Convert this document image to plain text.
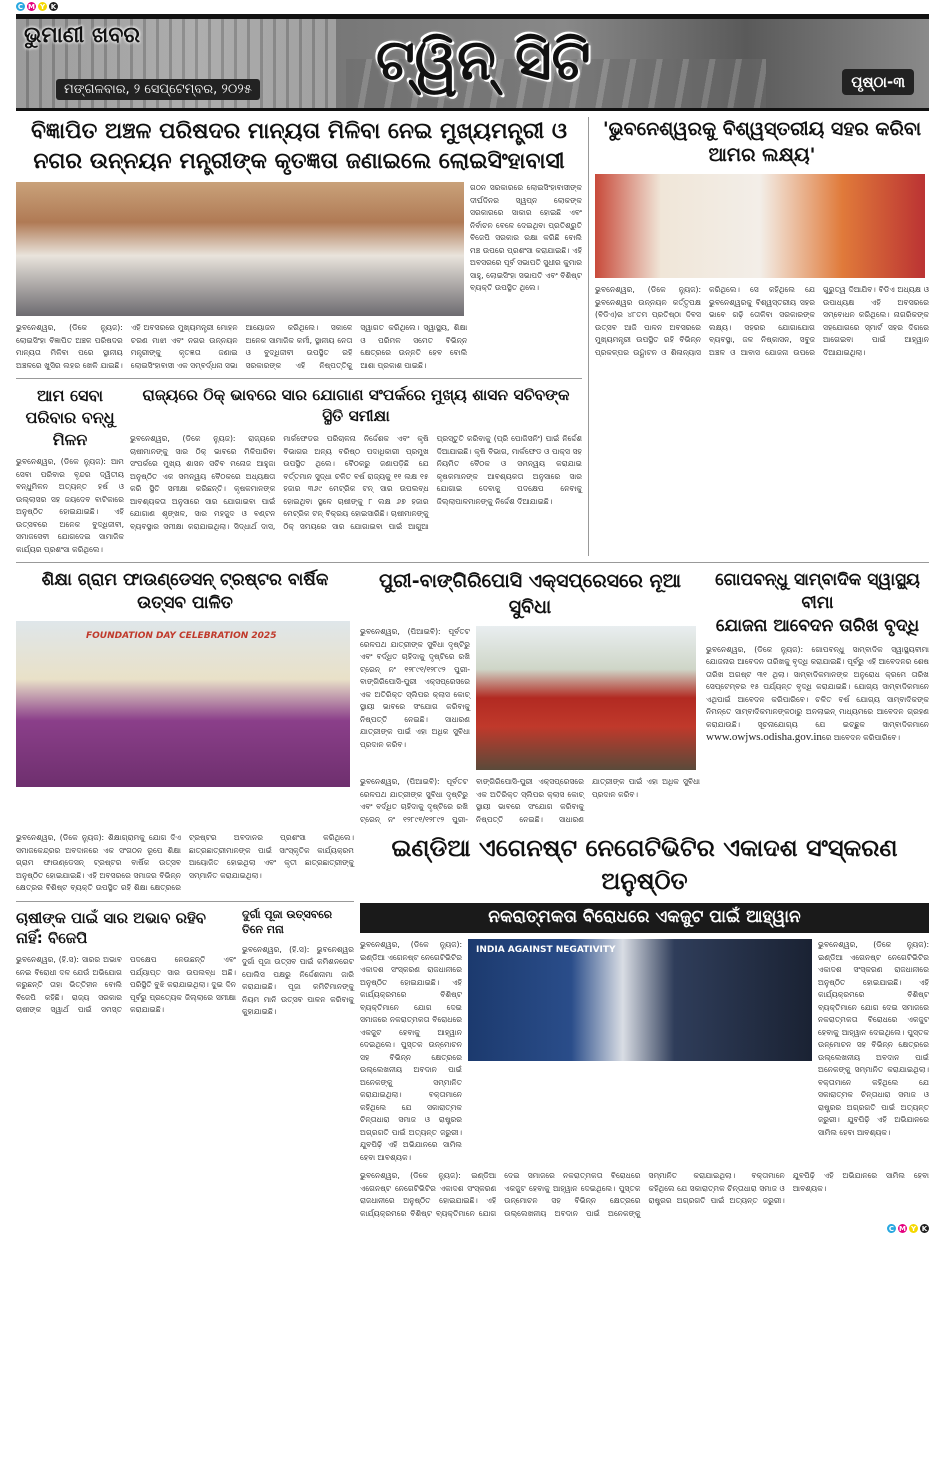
C M Y K
ଭୁମାଣୀ ଖବର
ମଙ୍ଗଳବାର, ୨ ସେପ୍ଟେମ୍ବର, ୨୦୨୫ ଟ୍ୱିନ୍ ସିଟି	ପୃଷ୍ଠା-୩
ବିଜ୍ଞାପିତ ଅଞ୍ଚଳ ପରିଷଦର ମାନ୍ୟତା ମିଳିବା ନେଇ ମୁଖ୍ୟମନ୍ତ୍ରୀ ଓ
ନଗର ଉନ୍ନୟନ ମନ୍ତ୍ରୀଙ୍କ କୃତଜ୍ଞତା ଜଣାଇଲେ ଲୋଇସିଂହାବାସୀ
ଗଠନ ସରକାରରେ ଲୋଇସିଂହାବାସୀଙ୍କ ଦୀର୍ଘଦିନର ସ୍ୱପ୍ନ ଲୋକଙ୍କ ସରକାରରେ ସାକାର ହୋଇଛି ଏବଂ ନିର୍ବାଚନ ବେଳେ ଦେଇଥିବା ପ୍ରତିଶ୍ରୁତି ବିଜେପି ସରକାର ରକ୍ଷା କରିଛି ବୋଲି ମଞ୍ଚ ଉପରେ ପ୍ରଶଂସା କରାଯାଇଛି। ଏହି ଅବସରରେ ପୂର୍ବ ସଭାପତି ସୁଧୀର କୁମାର ସାହୁ, ଲୋଇସିଂହା ସଭାପତି ଏବଂ ବିଶିଷ୍ଟ ବ୍ୟକ୍ତି ଉପସ୍ଥିତ ଥିଲେ।
ଭୁବନେଶ୍ୱର, (ଡିକେ ନ୍ୟୁଜ): ଲୋଇସିଂହା ବିଜ୍ଞାପିତ ଅଞ୍ଚଳ ପରିଷଦର ମାନ୍ୟତା ମିଳିବା ପରେ ସ୍ଥାନୀୟ ଅଞ୍ଚଳରେ ଖୁସିର ଲହର ଖେଳି ଯାଇଛି। ଏହି ଅବସରରେ ମୁଖ୍ୟମନ୍ତ୍ରୀ ମୋହନ ଚରଣ ମାଝୀ ଏବଂ ନଗର ଉନ୍ନୟନ ମନ୍ତ୍ରୀଙ୍କୁ କୃତଜ୍ଞତା ଜଣାଇ ଲୋଇସିଂହାବାସୀ ଏକ ସମ୍ବର୍ଦ୍ଧନା ସଭା ଆୟୋଜନ କରିଥିଲେ। ସକାଳେ ଅନେକ ସାମାଜିକ କର୍ମୀ, ସ୍ଥାନୀୟ ନେତା ଓ ବୁଦ୍ଧିଜୀବୀ ଉପସ୍ଥିତ ରହି ସରକାରଙ୍କ ଏହି ନିଷ୍ପତ୍ତିକୁ ସ୍ୱାଗତ କରିଥିଲେ। ସ୍ୱାସ୍ଥ୍ୟ, ଶିକ୍ଷା ଓ ପରିମଳ ସମେତ ବିଭିନ୍ନ କ୍ଷେତ୍ରରେ ଉନ୍ନତି ହେବ ବୋଲି ଆଶା ପ୍ରକାଶ ପାଇଛି।
ଆମ ସେବା
ପରିବାର ବନ୍ଧୁ ମିଳନ
ଭୁବନେଶ୍ୱର, (ଡିକେ ନ୍ୟୁଜ): ଆମ ସେବା ପରିବାର ବୃନ୍ଦର ଦ୍ୱିତୀୟ ବନ୍ଧୁମିଳନ ଅତ୍ୟନ୍ତ ହର୍ଷ ଓ ଉଲ୍ଲାସର ସହ ଜୟଦେବ ବାଟିକାରେ ଅନୁଷ୍ଠିତ ହୋଇଯାଇଛି। ଏହି ଉତ୍ସବରେ ଅନେକ ବୁଦ୍ଧିଜୀବୀ, ସମାଜସେବୀ ଯୋଗଦେଇ ସାମାଜିକ କାର୍ଯ୍ୟର ପ୍ରଶଂସା କରିଥିଲେ।
ରାଜ୍ୟରେ ଠିକ୍ ଭାବରେ ସାର ଯୋଗାଣ ସଂପର୍କରେ ମୁଖ୍ୟ ଶାସନ ସଚିବଙ୍କ ସ୍ଥିତି ସମୀକ୍ଷା
ଭୁବନେଶ୍ୱର, (ଡିକେ ନ୍ୟୁଜ): ରାଜ୍ୟରେ ଚାଷୀମାନଙ୍କୁ ସାର ଠିକ୍ ଭାବରେ ମିଳିପାରିବା ସଂପର୍କରେ ମୁଖ୍ୟ ଶାସନ ସଚିବ ମନୋଜ ଆହୁଜା ଅନୁଷ୍ଠିତ ଏକ ସମନ୍ୱୟ ବୈଠକରେ ଅଧ୍ୟକ୍ଷତା କରି ସ୍ଥିତି ସମୀକ୍ଷା କରିଛନ୍ତି। କୃଷକମାନଙ୍କ ଆବଶ୍ୟକତା ଅନୁସାରେ ସାର ଯୋଗାଇବା ପାଇଁ ଯୋଗାଣ ଶୃଙ୍ଖଳ, ସାର ମହଜୁଦ ଓ ବଣ୍ଟନ ବ୍ୟବସ୍ଥାର ସମୀକ୍ଷା କରାଯାଇଥିଲା। ସିଦ୍ଧାର୍ଥ ଦାସ, ମାର୍କଫେଡର ପରିଚାଳନା ନିର୍ଦ୍ଦେଶକ ଏବଂ କୃଷି ବିଭାଗର ଅନ୍ୟ ବରିଷ୍ଠ ପଦାଧିକାରୀ ପ୍ରମୁଖ ଉପସ୍ଥିତ ଥିଲେ। ବୈଠକରୁ ଜଣାପଡ଼ିଛି ଯେ ବର୍ତ୍ତମାନ ସୁଦ୍ଧା ଚଳିତ ବର୍ଷ ରାଜ୍ୟକୁ ୧୧ ଲକ୍ଷ ୧୫ ହଜାର ୩୬୯ ମେଟ୍ରିକ ଟନ୍ ସାର ଉପଲବ୍ଧ ହୋଇଥିବା ସ୍ଥଳେ ଚାଷୀଙ୍କୁ ୮ ଲକ୍ଷ ୬୭ ହଜାର ମେଟ୍ରିକ ଟନ୍ ବିକ୍ରୟ ହୋଇସାରିଛି। ଚାଷୀମାନଙ୍କୁ ଠିକ୍ ସମୟରେ ସାର ଯୋଗାଇବା ପାଇଁ ଆଗୁଆ ପ୍ରସ୍ତୁତି କରିବାକୁ (ପ୍ରି ପୋଜିସନିଂ) ପାଇଁ ନିର୍ଦ୍ଦେଶ ଦିଆଯାଇଛି। କୃଷି ବିଭାଗ, ମାର୍କଫେଡ ଓ ପାକ୍ସ ସହ ନିୟମିତ ବୈଠକ ଓ ସମନ୍ୱୟ କରାଯାଇ କୃଷକମାନଙ୍କ ଆବଶ୍ୟକତା ଅନୁସାରେ ସାର ଯୋଗାଇ ଦେବାକୁ ପଦକ୍ଷେପ ନେବାକୁ ଜିଲ୍ଲାପାଳମାନଙ୍କୁ ନିର୍ଦ୍ଦେଶ ଦିଆଯାଇଛି।
'ଭୁବନେଶ୍ୱରକୁ ବିଶ୍ୱସ୍ତରୀୟ ସହର କରିବା ଆମର ଲକ୍ଷ୍ୟ'
ଭୁବନେଶ୍ୱର, (ଡିକେ ନ୍ୟୁଜ): ଭୁବନେଶ୍ୱର ଉନ୍ନୟନ କର୍ତ୍ତୃପକ୍ଷ (ବିଡିଏ)ର ୪୮ତମ ପ୍ରତିଷ୍ଠା ଦିବସ ଉତ୍ସବ ଆଜି ପାଳନ ଅବସରରେ ମୁଖ୍ୟମନ୍ତ୍ରୀ ଉପସ୍ଥିତ ରହି ବିଭିନ୍ନ ପ୍ରକଳ୍ପର ଉଦ୍ଘାଟନ ଓ ଶିଳାନ୍ୟାସ କରିଥିଲେ। ସେ କହିଥିଲେ ଯେ ଭୁବନେଶ୍ୱରକୁ ବିଶ୍ୱସ୍ତରୀୟ ସହର ଭାବେ ଗଢ଼ି ତୋଳିବା ସରକାରଙ୍କ ଲକ୍ଷ୍ୟ। ସହରର ଯୋଗାଯୋଗ ବ୍ୟବସ୍ଥା, ଜଳ ନିଷ୍କାସନ, ସବୁଜ ଅଞ୍ଚଳ ଓ ଆବାସ ଯୋଜନା ଉପରେ ଗୁରୁତ୍ୱ ଦିଆଯିବ। ବିଡିଏ ଅଧ୍ୟକ୍ଷ ଓ ଉପାଧ୍ୟକ୍ଷ ଏହି ଅବସରରେ ସମ୍ବୋଧନ କରିଥିଲେ। ନାଗରିକଙ୍କ ସହଯୋଗରେ ସ୍ମାର୍ଟ ସହର ଦିଗରେ ଆଗେଇବା ପାଇଁ ଆହ୍ୱାନ ଦିଆଯାଇଥିଲା।
ଶିକ୍ଷା ଗ୍ରାମ ଫାଉଣ୍ଡେସନ୍ ଟ୍ରଷ୍ଟର ବାର୍ଷିକ ଉତ୍ସବ ପାଳିତ
FOUNDATION DAY CELEBRATION 2025
ପୁରୀ-ବାଙ୍ଗିରିପୋସି ଏକ୍ସପ୍ରେସରେ ନୂଆ ସୁବିଧା
ଭୁବନେଶ୍ୱର, (ପିଆଇବି): ପୂର୍ବତଟ ରେଳପଥ ଯାତ୍ରୀଙ୍କ ସୁବିଧା ଦୃଷ୍ଟିରୁ ଏବଂ ବର୍ଦ୍ଧିତ ଚାହିଦାକୁ ଦୃଷ୍ଟିରେ ରଖି ଟ୍ରେନ୍ ନଂ ୧୨୮୯୧/୧୨୮୯୨ ପୁରୀ-ବାଙ୍ଗିରିପୋସି-ପୁରୀ ଏକ୍ସପ୍ରେସରେ ଏକ ଅତିରିକ୍ତ ସ୍ଲିପର କ୍ଲାସ କୋଚ୍ ସ୍ଥାୟୀ ଭାବରେ ସଂଯୋଗ କରିବାକୁ ନିଷ୍ପତ୍ତି ନେଇଛି। ସାଧାରଣ ଯାତ୍ରୀଙ୍କ ପାଇଁ ଏହା ଅଧିକ ସୁବିଧା ପ୍ରଦାନ କରିବ।
ଭୁବନେଶ୍ୱର, (ପିଆଇବି): ପୂର୍ବତଟ ରେଳପଥ ଯାତ୍ରୀଙ୍କ ସୁବିଧା ଦୃଷ୍ଟିରୁ ଏବଂ ବର୍ଦ୍ଧିତ ଚାହିଦାକୁ ଦୃଷ୍ଟିରେ ରଖି ଟ୍ରେନ୍ ନଂ ୧୨୮୯୧/୧୨୮୯୨ ପୁରୀ-ବାଙ୍ଗିରିପୋସି-ପୁରୀ ଏକ୍ସପ୍ରେସରେ ଏକ ଅତିରିକ୍ତ ସ୍ଲିପର କ୍ଲାସ କୋଚ୍ ସ୍ଥାୟୀ ଭାବରେ ସଂଯୋଗ କରିବାକୁ ନିଷ୍ପତ୍ତି ନେଇଛି। ସାଧାରଣ ଯାତ୍ରୀଙ୍କ ପାଇଁ ଏହା ଅଧିକ ସୁବିଧା ପ୍ରଦାନ କରିବ।
ଗୋପବନ୍ଧୁ ସାମ୍ବାଦିକ ସ୍ୱାସ୍ଥ୍ୟ ବୀମା
ଯୋଜନା ଆବେଦନ ତାରିଖ ବୃଦ୍ଧି
ଭୁବନେଶ୍ୱର, (ଡିକେ ନ୍ୟୁଜ): ଗୋପବନ୍ଧୁ ସାମ୍ବାଦିକ ସ୍ୱାସ୍ଥ୍ୟବୀମା ଯୋଜନାର ଆବେଦନ ତାରିଖକୁ ବୃଦ୍ଧି କରାଯାଇଛି। ପୂର୍ବରୁ ଏହି ଆବେଦନର ଶେଷ ତାରିଖ ଅଗଷ୍ଟ ୩୧ ଥିଲା। ସାମ୍ବାଦିକମାନଙ୍କ ଅନୁରୋଧ କ୍ରମେ ତାରିଖ ସେପ୍ଟେମ୍ବର ୧୫ ପର୍ଯ୍ୟନ୍ତ ବୃଦ୍ଧି କରାଯାଇଛି। ଯୋଗ୍ୟ ସାମ୍ବାଦିକମାନେ ଏଥିପାଇଁ ଆବେଦନ କରିପାରିବେ। ଚଳିତ ବର୍ଷ ଯୋଗ୍ୟ ସାମ୍ବାଦିକଙ୍କ ନିମନ୍ତେ ସାମ୍ବାଦିକମାନଙ୍କଠାରୁ ଅନଲାଇନ୍ ମାଧ୍ୟମରେ ଆବେଦନ ଗ୍ରହଣ କରାଯାଉଛି। ସୂଚନାଯୋଗ୍ୟ ଯେ ଇଚ୍ଛୁକ ସାମ୍ବାଦିକମାନେ www.owjws.odisha.gov.inରେ ଆବେଦନ କରିପାରିବେ।
ଭୁବନେଶ୍ୱର, (ଡିକେ ନ୍ୟୁଜ): ଶିକ୍ଷାଗ୍ରାମକୁ ଯୋଗ ଦିଏ ସମାଜକେନ୍ଦ୍ରର ଅବଦାନରେ ଏକ ସଂଗଠନ ରୂପେ ଶିକ୍ଷା ଗ୍ରାମ ଫାଉଣ୍ଡେସନ୍ ଟ୍ରଷ୍ଟର ବାର୍ଷିକ ଉତ୍ସବ ଅନୁଷ୍ଠିତ ହୋଇଯାଇଛି। ଏହି ଅବସରରେ ସମାଜର ବିଭିନ୍ନ କ୍ଷେତ୍ରର ବିଶିଷ୍ଟ ବ୍ୟକ୍ତି ଉପସ୍ଥିତ ରହି ଶିକ୍ଷା କ୍ଷେତ୍ରରେ ଟ୍ରଷ୍ଟର ଅବଦାନର ପ୍ରଶଂସା କରିଥିଲେ। ଛାତ୍ରଛାତ୍ରୀମାନଙ୍କ ପାଇଁ ସାଂସ୍କୃତିକ କାର୍ଯ୍ୟକ୍ରମ ଆୟୋଜିତ ହୋଇଥିଲା ଏବଂ କୃତୀ ଛାତ୍ରଛାତ୍ରୀଙ୍କୁ ସମ୍ମାନିତ କରାଯାଇଥିଲା।
ଚାଷୀଙ୍କ ପାଇଁ ସାର ଅଭାବ ରହିବ ନାହିଁ: ବିଜେପି
ଭୁବନେଶ୍ୱର, (ହି.ସ): ସାରର ଅଭାବ ନେଇ ବିରୋଧୀ ଦଳ ଯେଉଁ ଅଭିଯୋଗ କରୁଛନ୍ତି ତାହା ଭିତ୍ତିହୀନ ବୋଲି ବିଜେପି କହିଛି। ରାଜ୍ୟ ସରକାର ଚାଷୀଙ୍କ ସ୍ୱାର୍ଥ ପାଇଁ ସମସ୍ତ ପଦକ୍ଷେପ ନେଉଛନ୍ତି ଏବଂ ପର୍ଯ୍ୟାପ୍ତ ସାର ଉପଲବ୍ଧ ଅଛି। ପରିସ୍ଥିତି ବୁଝି କରାଯାଇଥିଲା। ଦୁଇ ଦିନ ପୂର୍ବରୁ ପ୍ରତ୍ୟେକ ଜିଲ୍ଲାରେ ସମୀକ୍ଷା କରାଯାଇଛି।
ଦୁର୍ଗା ପୂଜା ଉତ୍ସବରେ ତିନେ ମନା
ଭୁବନେଶ୍ୱର, (ହି.ସ): ଭୁବନେଶ୍ୱର ଦୁର୍ଗା ପୂଜା ଉତ୍ସବ ପାଇଁ କମିଶନରେଟ ପୋଲିସ ପକ୍ଷରୁ ନିର୍ଦ୍ଦେଶନାମା ଜାରି କରାଯାଇଛି। ପୂଜା କମିଟିମାନଙ୍କୁ ନିୟମ ମାନି ଉତ୍ସବ ପାଳନ କରିବାକୁ କୁହାଯାଇଛି।
ଇଣ୍ଡିଆ ଏଗେନଷ୍ଟ ନେଗେଟିଭିଟିର ଏକାଦଶ ସଂସ୍କରଣ ଅନୁଷ୍ଠିତ
ନକରାତ୍ମକତା ବିରୋଧରେ ଏକଜୁଟ ପାଇଁ ଆହ୍ୱାନ
ଭୁବନେଶ୍ୱର, (ଡିକେ ନ୍ୟୁଜ): ଇଣ୍ଡିଆ ଏଗେନଷ୍ଟ ନେଗେଟିଭିଟିର ଏକାଦଶ ସଂସ୍କରଣ ରାଜଧାନୀରେ ଅନୁଷ୍ଠିତ ହୋଇଯାଇଛି। ଏହି କାର୍ଯ୍ୟକ୍ରମରେ ବିଶିଷ୍ଟ ବ୍ୟକ୍ତିମାନେ ଯୋଗ ଦେଇ ସମାଜରେ ନକରାତ୍ମକତା ବିରୋଧରେ ଏକଜୁଟ ହେବାକୁ ଆହ୍ୱାନ ଦେଇଥିଲେ। ପୁସ୍ତକ ଉନ୍ମୋଚନ ସହ ବିଭିନ୍ନ କ୍ଷେତ୍ରରେ ଉଲ୍ଲେଖନୀୟ ଅବଦାନ ପାଇଁ ଅନେକଙ୍କୁ ସମ୍ମାନିତ କରାଯାଇଥିଲା। ବକ୍ତାମାନେ କହିଥିଲେ ଯେ ସକାରାତ୍ମକ ଚିନ୍ତାଧାରା ସମାଜ ଓ ରାଷ୍ଟ୍ରର ଅଗ୍ରଗତି ପାଇଁ ଅତ୍ୟନ୍ତ ଜରୁରୀ। ଯୁବପିଢ଼ି ଏହି ଅଭିଯାନରେ ସାମିଲ ହେବା ଆବଶ୍ୟକ।
INDIA AGAINST NEGATIVITY
ଭୁବନେଶ୍ୱର, (ଡିକେ ନ୍ୟୁଜ): ଇଣ୍ଡିଆ ଏଗେନଷ୍ଟ ନେଗେଟିଭିଟିର ଏକାଦଶ ସଂସ୍କରଣ ରାଜଧାନୀରେ ଅନୁଷ୍ଠିତ ହୋଇଯାଇଛି। ଏହି କାର୍ଯ୍ୟକ୍ରମରେ ବିଶିଷ୍ଟ ବ୍ୟକ୍ତିମାନେ ଯୋଗ ଦେଇ ସମାଜରେ ନକରାତ୍ମକତା ବିରୋଧରେ ଏକଜୁଟ ହେବାକୁ ଆହ୍ୱାନ ଦେଇଥିଲେ। ପୁସ୍ତକ ଉନ୍ମୋଚନ ସହ ବିଭିନ୍ନ କ୍ଷେତ୍ରରେ ଉଲ୍ଲେଖନୀୟ ଅବଦାନ ପାଇଁ ଅନେକଙ୍କୁ ସମ୍ମାନିତ କରାଯାଇଥିଲା। ବକ୍ତାମାନେ କହିଥିଲେ ଯେ ସକାରାତ୍ମକ ଚିନ୍ତାଧାରା ସମାଜ ଓ ରାଷ୍ଟ୍ରର ଅଗ୍ରଗତି ପାଇଁ ଅତ୍ୟନ୍ତ ଜରୁରୀ। ଯୁବପିଢ଼ି ଏହି ଅଭିଯାନରେ ସାମିଲ ହେବା ଆବଶ୍ୟକ।
ଭୁବନେଶ୍ୱର, (ଡିକେ ନ୍ୟୁଜ): ଇଣ୍ଡିଆ ଏଗେନଷ୍ଟ ନେଗେଟିଭିଟିର ଏକାଦଶ ସଂସ୍କରଣ ରାଜଧାନୀରେ ଅନୁଷ୍ଠିତ ହୋଇଯାଇଛି। ଏହି କାର୍ଯ୍ୟକ୍ରମରେ ବିଶିଷ୍ଟ ବ୍ୟକ୍ତିମାନେ ଯୋଗ ଦେଇ ସମାଜରେ ନକରାତ୍ମକତା ବିରୋଧରେ ଏକଜୁଟ ହେବାକୁ ଆହ୍ୱାନ ଦେଇଥିଲେ। ପୁସ୍ତକ ଉନ୍ମୋଚନ ସହ ବିଭିନ୍ନ କ୍ଷେତ୍ରରେ ଉଲ୍ଲେଖନୀୟ ଅବଦାନ ପାଇଁ ଅନେକଙ୍କୁ ସମ୍ମାନିତ କରାଯାଇଥିଲା। ବକ୍ତାମାନେ କହିଥିଲେ ଯେ ସକାରାତ୍ମକ ଚିନ୍ତାଧାରା ସମାଜ ଓ ରାଷ୍ଟ୍ରର ଅଗ୍ରଗତି ପାଇଁ ଅତ୍ୟନ୍ତ ଜରୁରୀ। ଯୁବପିଢ଼ି ଏହି ଅଭିଯାନରେ ସାମିଲ ହେବା ଆବଶ୍ୟକ।
C M Y K
